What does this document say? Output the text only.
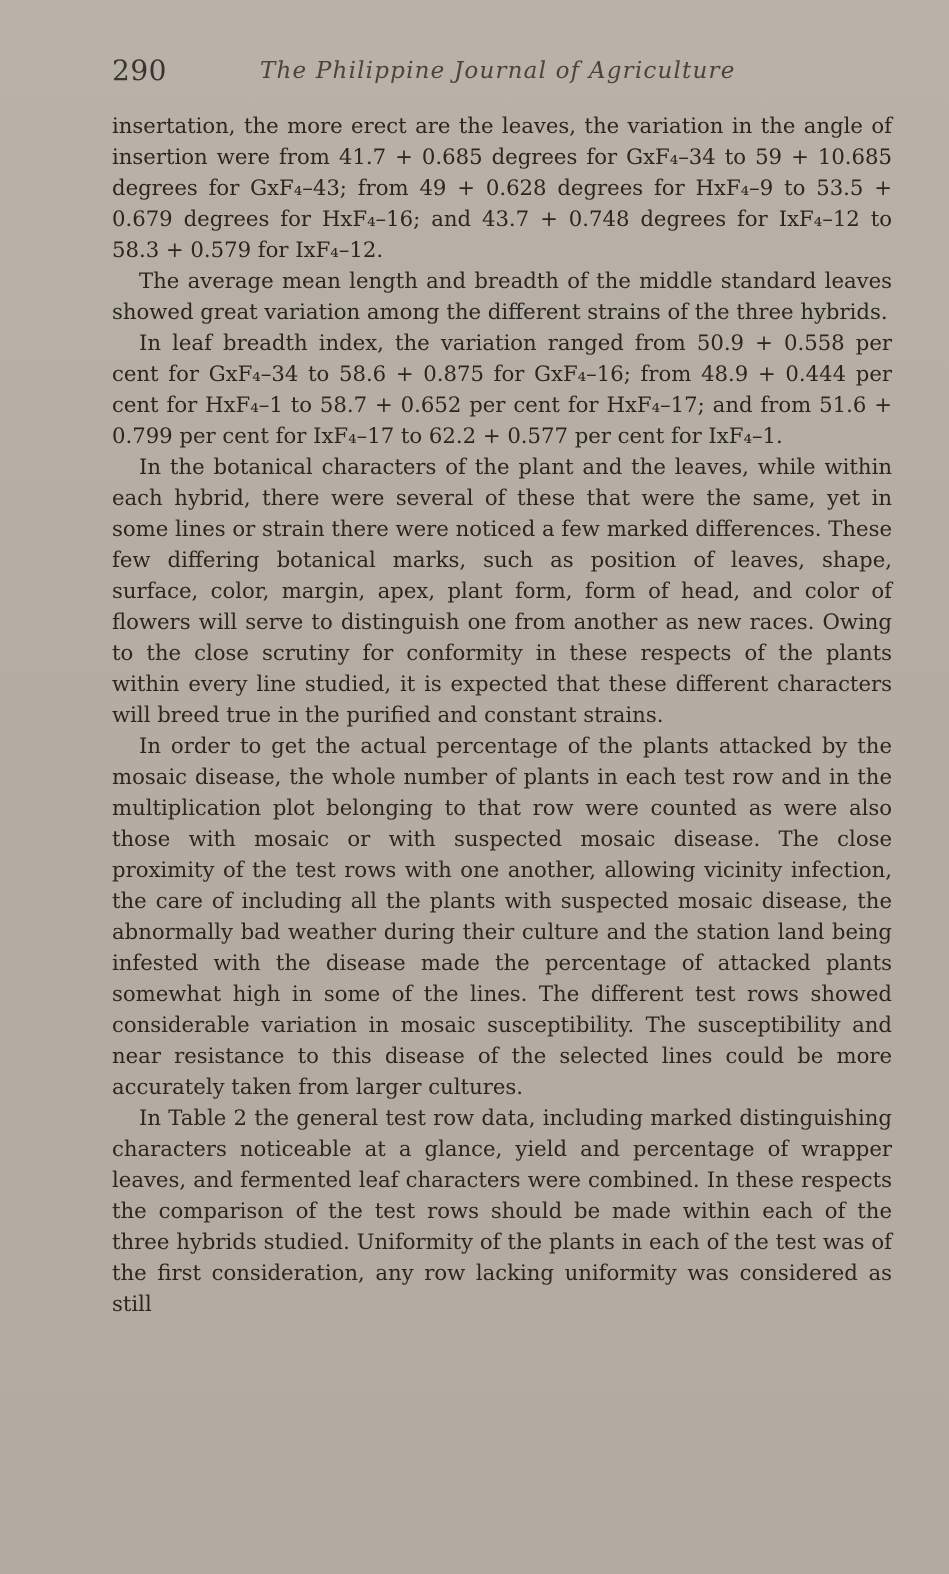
290	The Philippine Journal of Agriculture

insertation, the more erect are the leaves, the variation in the angle of insertion were from 41.7 + 0.685 degrees for GxF₄–34 to 59 + 10.685 degrees for GxF₄–43; from 49 + 0.628 degrees for HxF₄–9 to 53.5 + 0.679 degrees for HxF₄–16; and 43.7 + 0.748 degrees for IxF₄–12 to 58.3 + 0.579 for IxF₄–12.

The average mean length and breadth of the middle standard leaves showed great variation among the different strains of the three hybrids.

In leaf breadth index, the variation ranged from 50.9 + 0.558 per cent for GxF₄–34 to 58.6 + 0.875 for GxF₄–16; from 48.9 + 0.444 per cent for HxF₄–1 to 58.7 + 0.652 per cent for HxF₄–17; and from 51.6 + 0.799 per cent for IxF₄–17 to 62.2 + 0.577 per cent for IxF₄–1.

In the botanical characters of the plant and the leaves, while within each hybrid, there were several of these that were the same, yet in some lines or strain there were noticed a few marked differences. These few differing botanical marks, such as position of leaves, shape, surface, color, margin, apex, plant form, form of head, and color of flowers will serve to distinguish one from another as new races. Owing to the close scrutiny for conformity in these respects of the plants within every line studied, it is expected that these different characters will breed true in the purified and constant strains.

In order to get the actual percentage of the plants attacked by the mosaic disease, the whole number of plants in each test row and in the multiplication plot belonging to that row were counted as were also those with mosaic or with suspected mosaic disease. The close proximity of the test rows with one another, allowing vicinity infection, the care of including all the plants with suspected mosaic disease, the abnormally bad weather during their culture and the station land being infested with the disease made the percentage of attacked plants somewhat high in some of the lines. The different test rows showed considerable variation in mosaic susceptibility. The susceptibility and near resistance to this disease of the selected lines could be more accurately taken from larger cultures.

In Table 2 the general test row data, including marked distinguishing characters noticeable at a glance, yield and percentage of wrapper leaves, and fermented leaf characters were combined. In these respects the comparison of the test rows should be made within each of the three hybrids studied. Uniformity of the plants in each of the test was of the first consideration, any row lacking uniformity was considered as still
